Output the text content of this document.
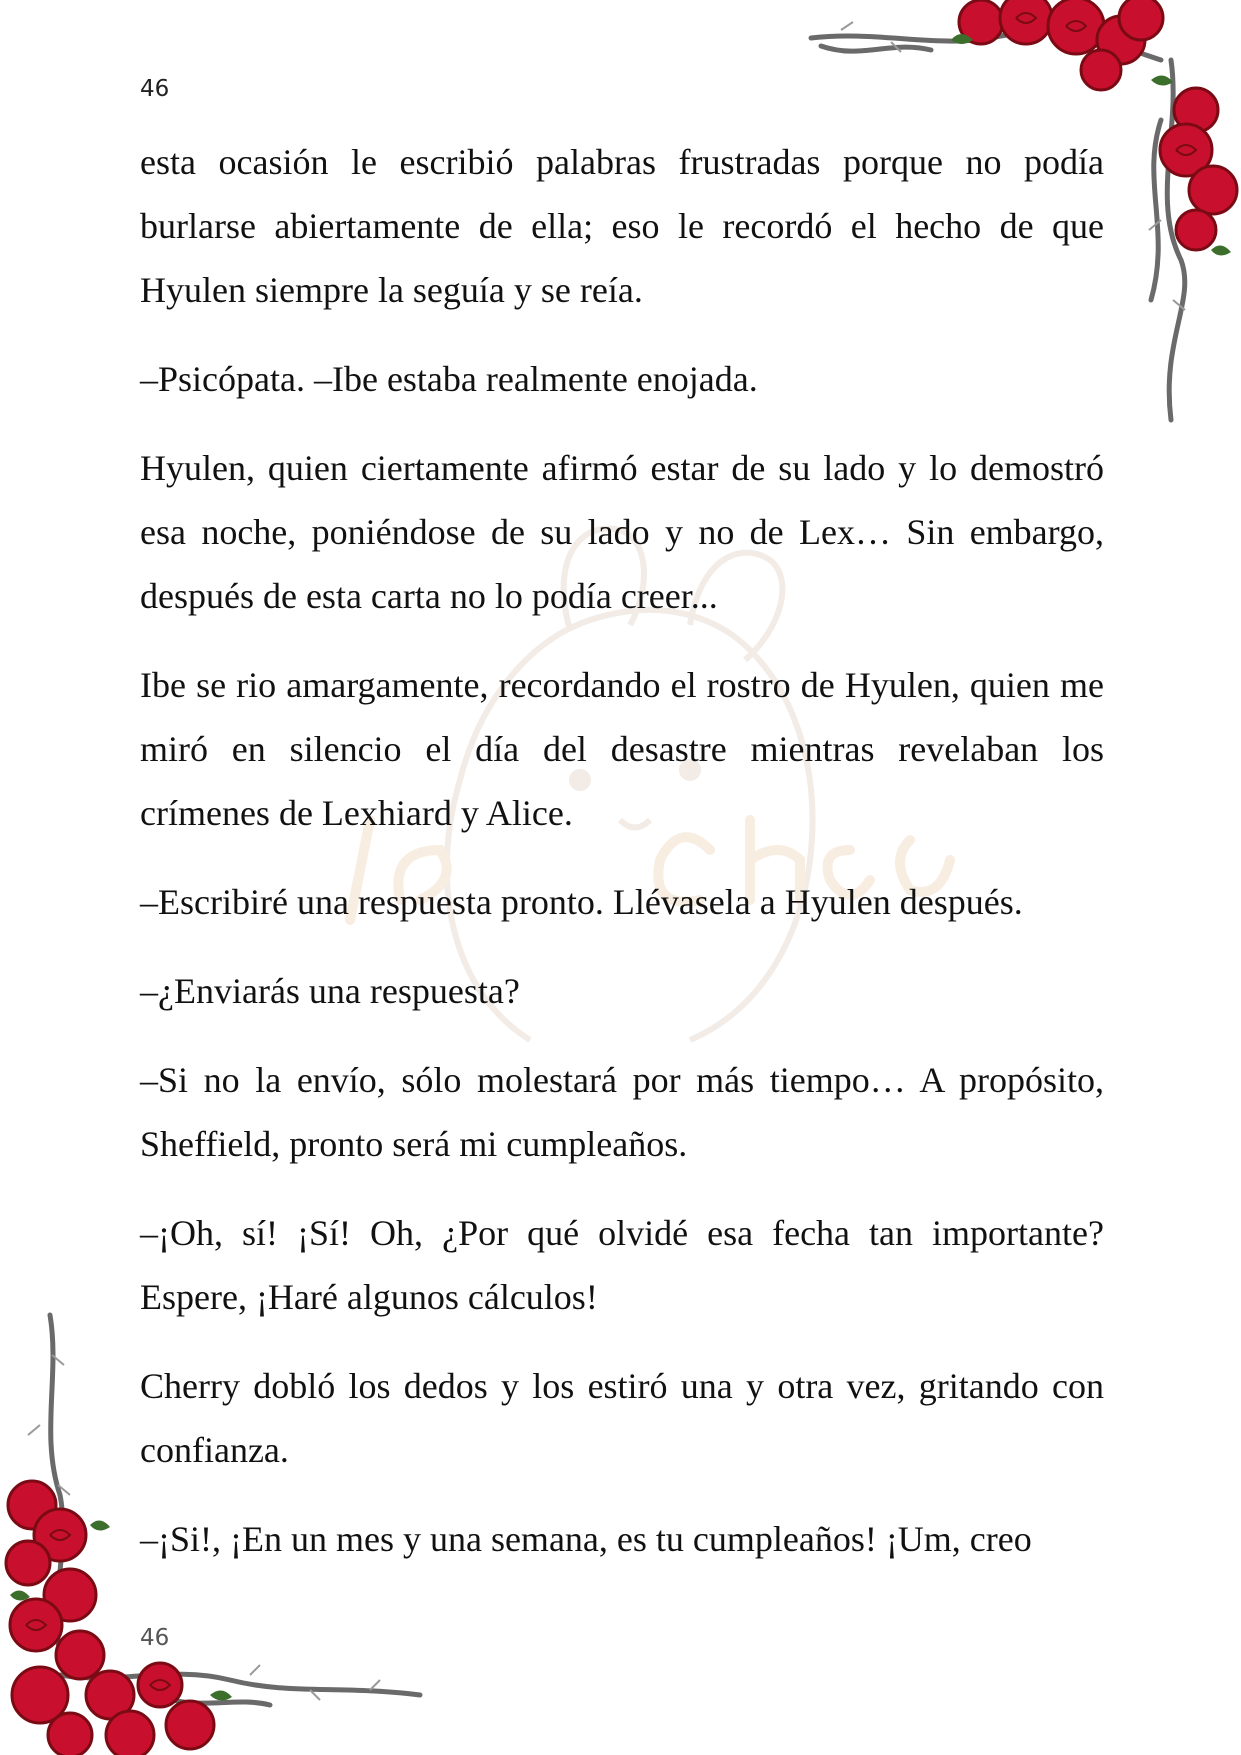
46
46

esta ocasión le escribió palabras frustradas porque no podía burlarse abiertamente de ella; eso le recordó el hecho de que Hyulen siempre la seguía y se reía.

–Psicópata. –Ibe estaba realmente enojada.

Hyulen, quien ciertamente afirmó estar de su lado y lo demostró esa noche, poniéndose de su lado y no de Lex… Sin embargo, después de esta carta no lo podía creer...

Ibe se rio amargamente, recordando el rostro de Hyulen, quien me miró en silencio el día del desastre mientras revelaban los crímenes de Lexhiard y Alice.

–Escribiré una respuesta pronto. Llévasela a Hyulen después.

–¿Enviarás una respuesta?

–Si no la envío, sólo molestará por más tiempo… A propósito, Sheffield, pronto será mi cumpleaños.

–¡Oh, sí! ¡Sí! Oh, ¿Por qué olvidé esa fecha tan importante? Espere, ¡Haré algunos cálculos!

Cherry dobló los dedos y los estiró una y otra vez, gritando con confianza.

–¡Si!, ¡En un mes y una semana, es tu cumpleaños! ¡Um, creo
